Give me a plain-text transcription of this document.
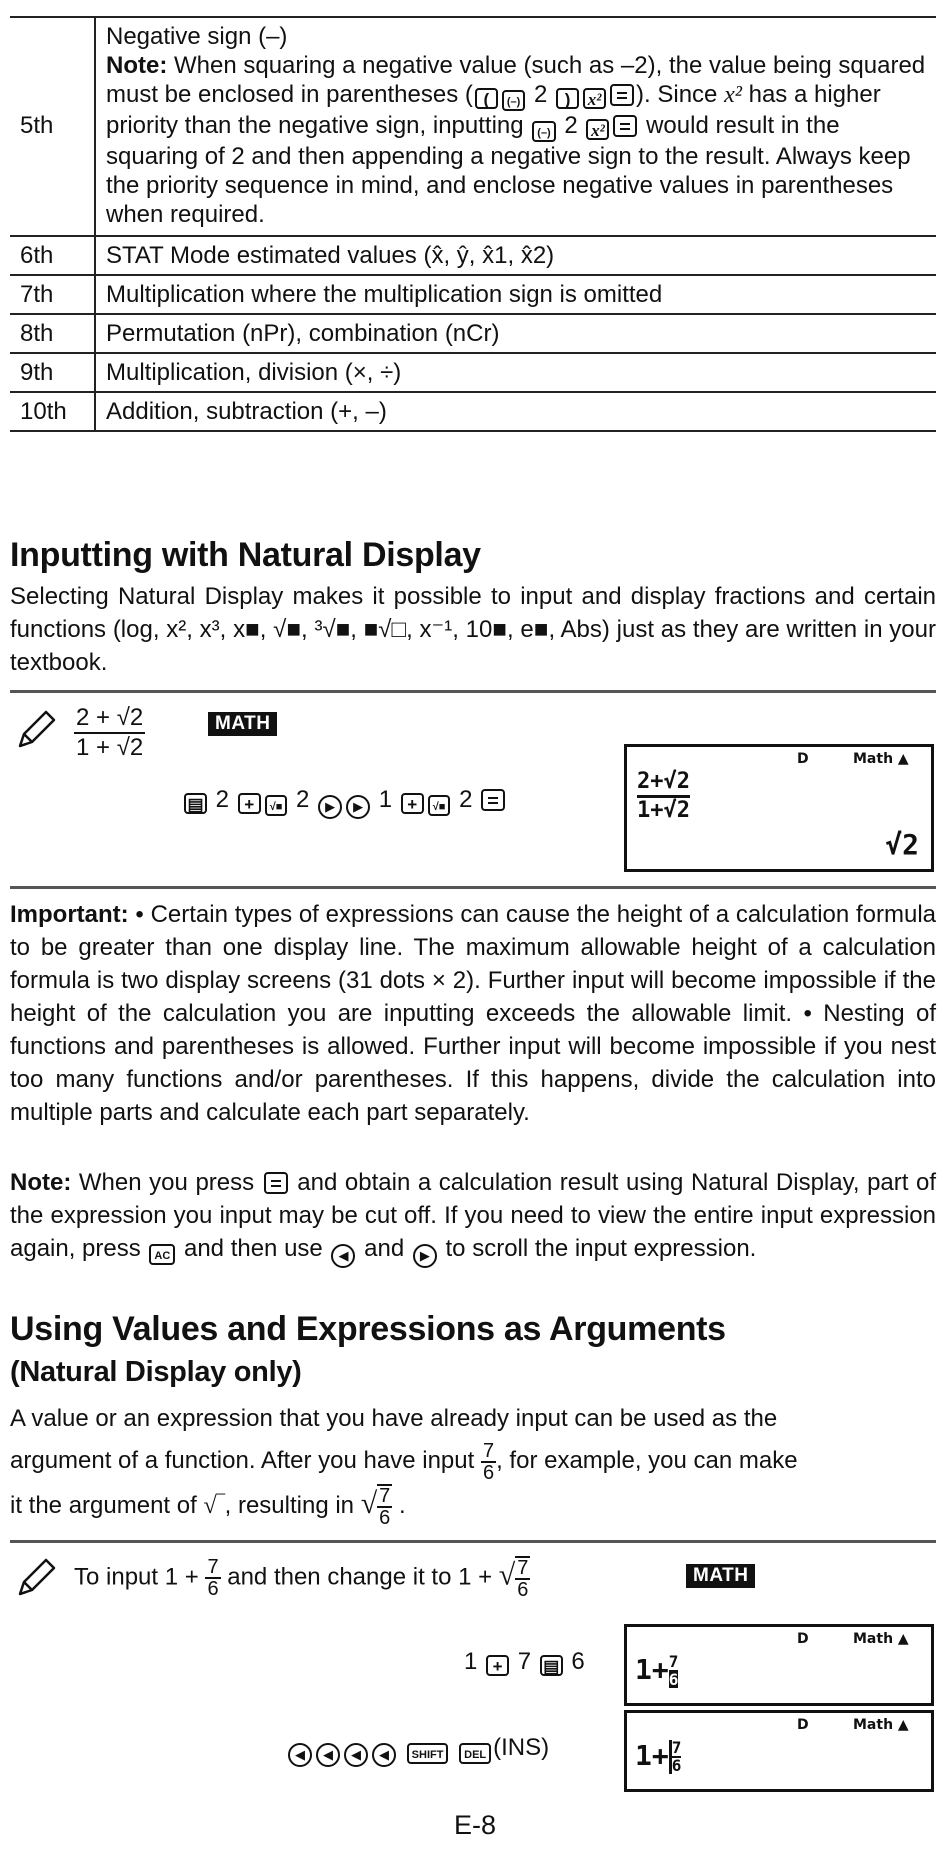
5th	Negative sign (–)
Note: When squaring a negative value (such as –2), the value being squared must be enclosed in parentheses ( ( (–) 2 ) x² ). Since x² has a higher priority than the negative sign, inputting (–) 2 x² would result in the squaring of 2 and then appending a negative sign to the result. Always keep the priority sequence in mind, and enclose negative values in parentheses when required.

6th	STAT Mode estimated values (x̂, ŷ, x̂1, x̂2)
7th	Multiplication where the multiplication sign is omitted
8th	Permutation (nPr), combination (nCr)
9th	Multiplication, division (×, ÷)
10th	Addition, subtraction (+, –)
Inputting with Natural Display
Selecting Natural Display makes it possible to input and display fractions and certain functions (log, x², x³, x■, √■, ³√■, ■√□, x⁻¹, 10■, e■, Abs) just as they are written in your textbook.
$\frac{2 + √2}{1 + √2}$	MATH
▤ 2 + √■ 2 ▶ ▶ 1 + √■ 2
D	Math ▲
2+√2
1+√2
√2
Important: • Certain types of expressions can cause the height of a calculation formula to be greater than one display line. The maximum allowable height of a calculation formula is two display screens (31 dots × 2). Further input will become impossible if the height of the calculation you are inputting exceeds the allowable limit. • Nesting of functions and parentheses is allowed. Further input will become impossible if you nest too many functions and/or parentheses. If this happens, divide the calculation into multiple parts and calculate each part separately.
Note: When you press and obtain a calculation result using Natural Display, part of the expression you input may be cut off. If you need to view the entire input expression again, press AC and then use ◀ and ▶ to scroll the input expression.
Using Values and Expressions as Arguments
(Natural Display only)
A value or an expression that you have already input can be used as the
argument of a function. After you have input $\frac{7}{6}$ , for example, you can make
it the argument of √‾, resulting in √ $\frac{7}{6}$ .
To input $1 + \frac{7}{6}$ and then change it to 1 + √ $\frac{7}{6}$	MATH
1 + 7 ▤ 6
D	Math ▲
$1+ \frac{7}{6}$
◀ ◀ ◀ ◀ SHIFT DEL (INS)
D	Math ▲
$1+ \frac{7}{6}$
E-8
